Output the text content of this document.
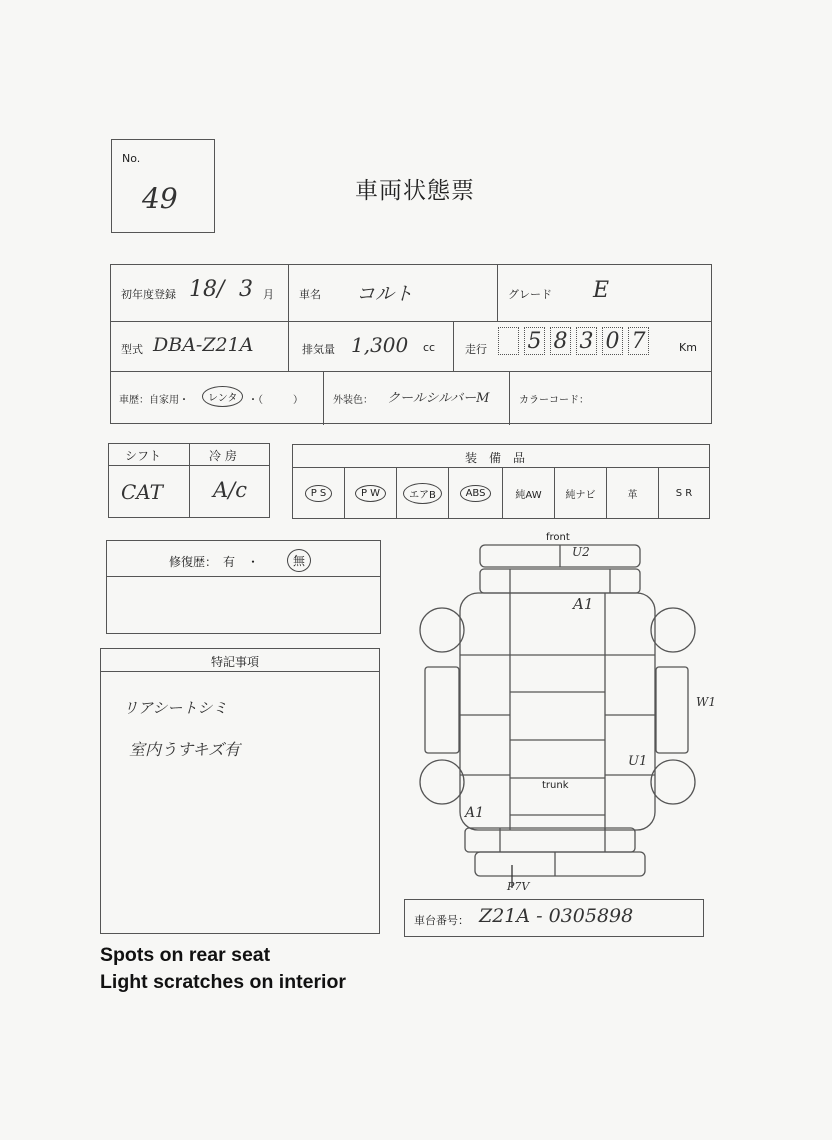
No.
49	車両状態票
初年度登録 18 / 3 月 車名 コルト	グレード E
型式 DBA-Z21A	排気量 1,300 cc	走行 5 8 3 0 7	Km
車歴：自家用・	レンタ	・（　　　）	外装色： クールシルバーM	カラーコード：
シフト	冷 房
CAT A/c
装　備　品
P S	P W	エアB	ABS	純AW 純ナビ	革	S R
修復歴：　有　・	無
特記事項
リアシートシミ
室内うすキズ有
front
U2
A1
W1
U1
trunk
A1
P7V
車台番号： Z21A - 0305898
Spots on rear seat
Light scratches on interior
